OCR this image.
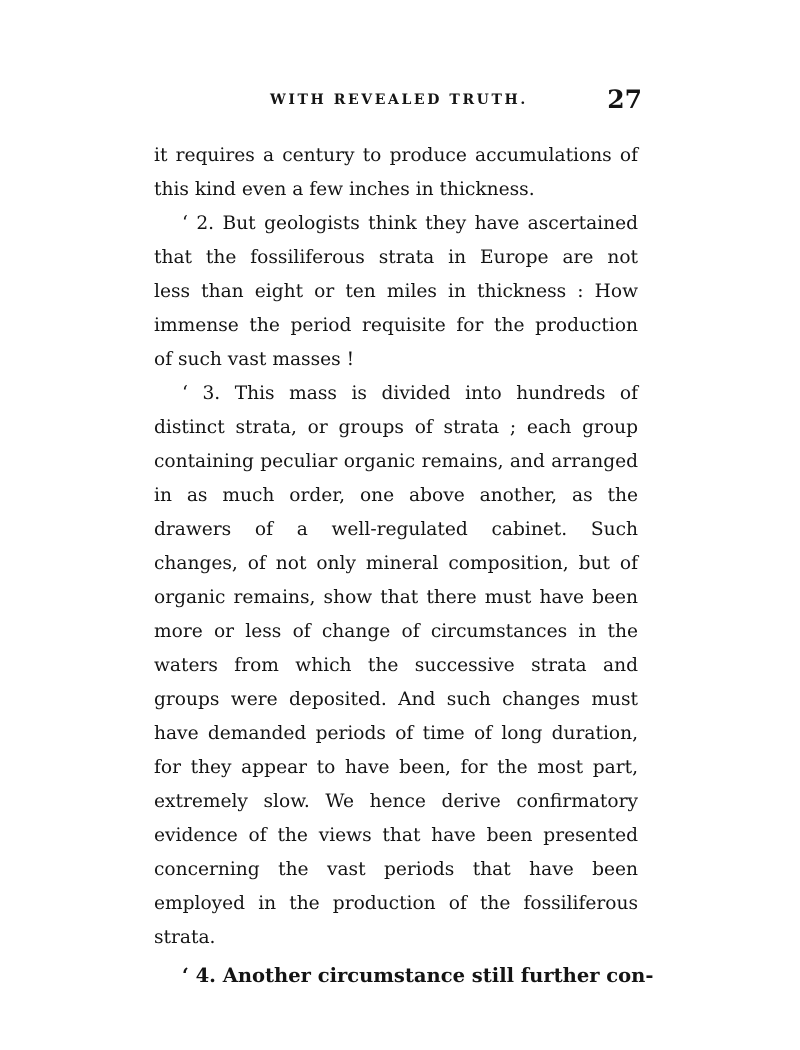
WITH REVEALED TRUTH.	27
it requires a century to produce accumulations of
this kind even a few inches in thickness.
‘ 2. But geologists think they have ascertained
that the fossiliferous strata in Europe are not
less than eight or ten miles in thickness : How
immense the period requisite for the production
of such vast masses !
‘ 3. This mass is divided into hundreds of
distinct strata, or groups of strata ; each group
containing peculiar organic remains, and arranged
in as much order, one above another, as the
drawers of a well-regulated cabinet. Such
changes, of not only mineral composition, but of
organic remains, show that there must have been
more or less of change of circumstances in the
waters from which the successive strata and
groups were deposited. And such changes must
have demanded periods of time of long duration,
for they appear to have been, for the most part,
extremely slow. We hence derive confirmatory
evidence of the views that have been presented
concerning the vast periods that have been
employed in the production of the fossiliferous
strata.
‘ 4. Another circumstance still further con-
